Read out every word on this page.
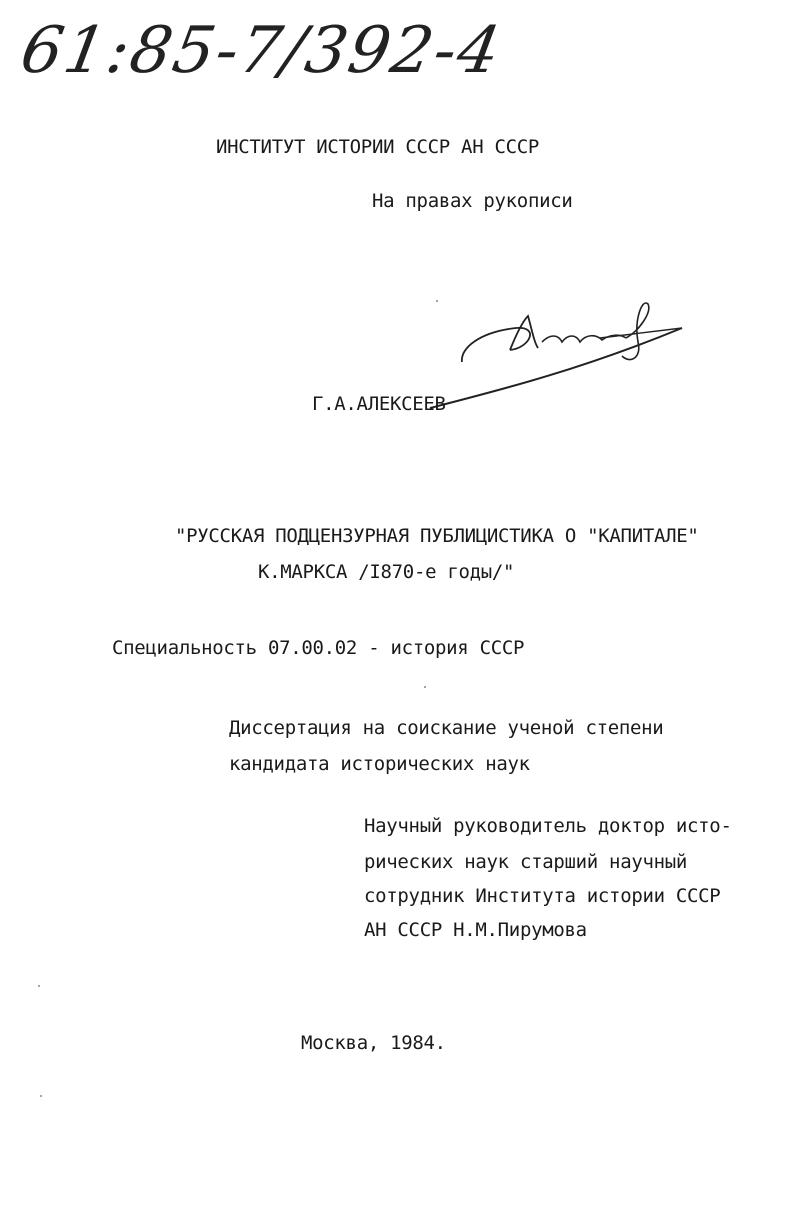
61:85-7/392-4
ИНСТИТУТ ИСТОРИИ СССР АН СССР
На правах рукописи
Г.А.АЛЕКСЕЕВ
"РУССКАЯ ПОДЦЕНЗУРНАЯ ПУБЛИЦИСТИКА О "КАПИТАЛЕ"
К.МАРКСА /I870-е годы/"
Специальность 07.00.02 - история СССР
Диссертация на соискание ученой степени
кандидата исторических наук
Научный руководитель доктор исто-
рических наук старший научный
сотрудник Института истории СССР
АН СССР Н.М.Пирумова
Москва, 1984.
